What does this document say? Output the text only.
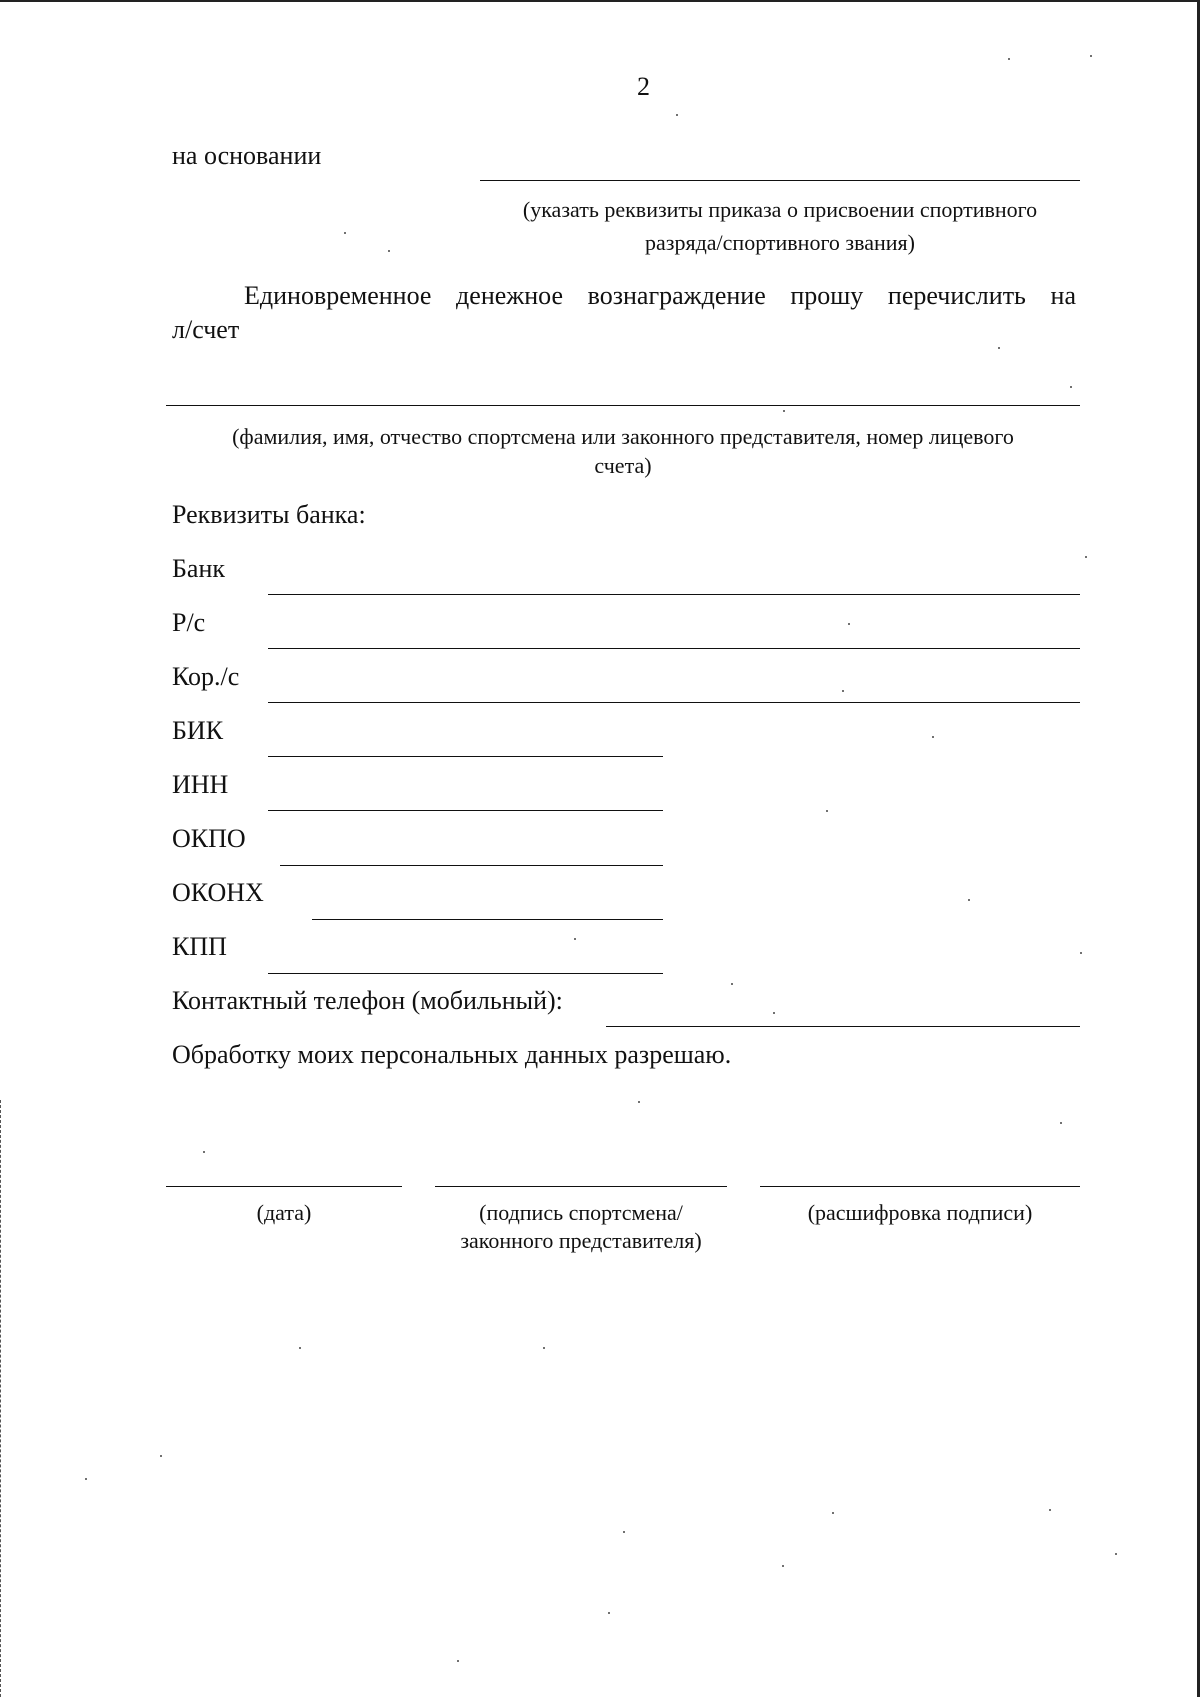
2
на основании
(указать реквизиты приказа о присвоении спортивного
разряда/спортивного звания)
Единовременное денежное вознаграждение прошу перечислить на
л/счет
(фамилия, имя, отчество спортсмена или законного представителя, номер лицевого
счета)
Реквизиты банка:
Банк
Р/с
Кор./с
БИК
ИНН
ОКПО
ОКОНХ
КПП
Контактный телефон (мобильный):
Обработку моих персональных данных разрешаю.
(дата)	(подпись спортсмена/
законного представителя)
(расшифровка подписи)
